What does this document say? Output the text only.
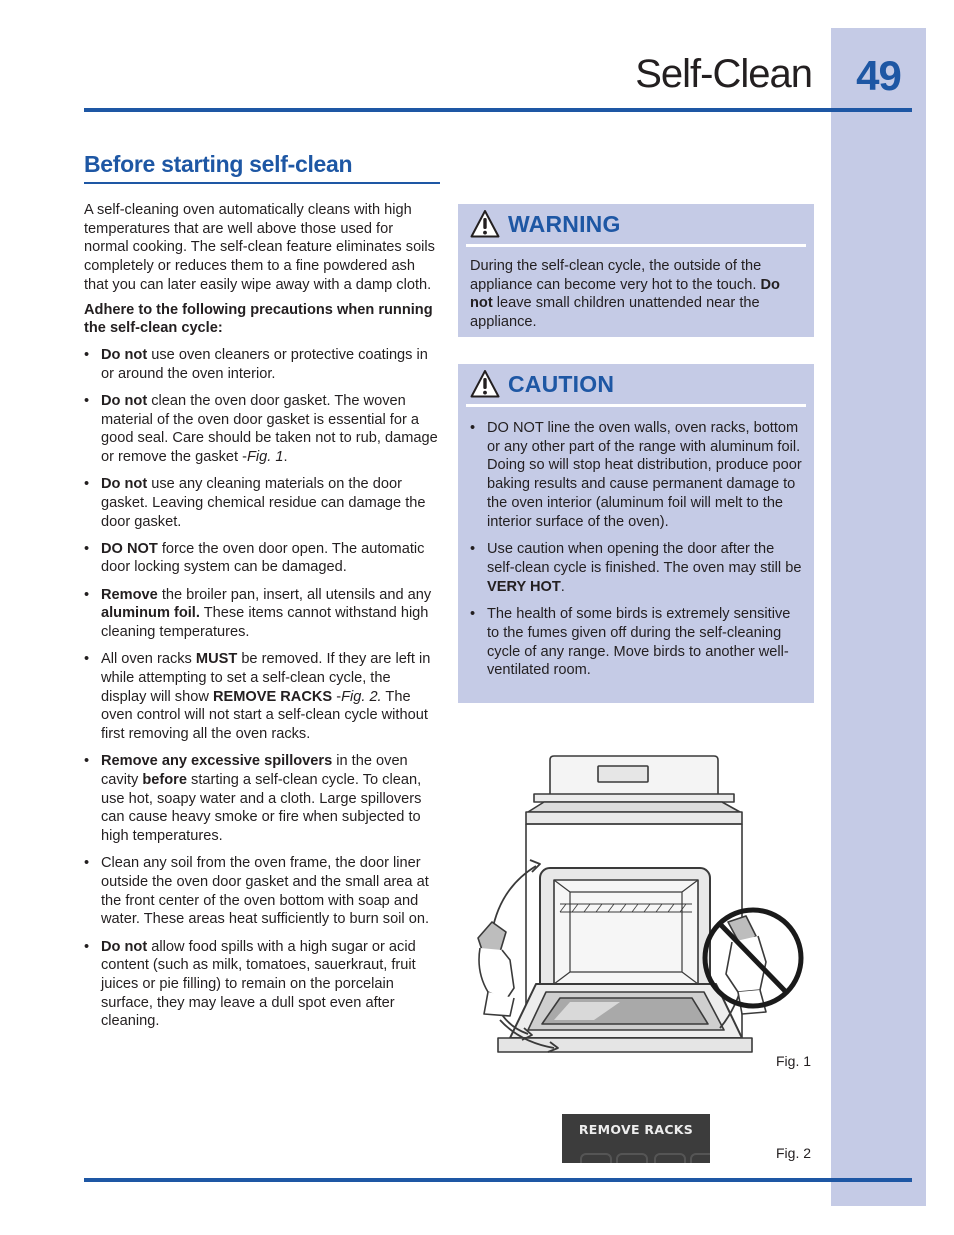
49
Self-Clean
Before starting self-clean

A self-cleaning oven automatically cleans with high temperatures that are well above those used for normal cooking. The self-clean feature eliminates soils completely or reduces them to a fine powdered ash that you can later easily wipe away with a damp cloth.

Adhere to the following precautions when running the self-clean cycle:

• Do not use oven cleaners or protective coatings in or around the oven interior.
• Do not clean the oven door gasket. The woven material of the oven door gasket is essential for a good seal. Care should be taken not to rub, damage or remove the gasket -Fig. 1.
• Do not use any cleaning materials on the door gasket. Leaving chemical residue can damage the door gasket.
• DO NOT force the oven door open. The automatic door locking system can be damaged.
• Remove the broiler pan, insert, all utensils and any aluminum foil. These items cannot withstand high cleaning temperatures.
• All oven racks MUST be removed. If they are left in while attempting to set a self-clean cycle, the display will show REMOVE RACKS -Fig. 2. The oven control will not start a self-clean cycle without first removing all the oven racks.
• Remove any excessive spillovers in the oven cavity before starting a self-clean cycle. To clean, use hot, soapy water and a cloth. Large spillovers can cause heavy smoke or fire when subjected to high temperatures.
• Clean any soil from the oven frame, the door liner outside the oven door gasket and the small area at the front center of the oven bottom with soap and water. These areas heat sufficiently to burn soil on.
• Do not allow food spills with a high sugar or acid content (such as milk, tomatoes, sauerkraut, fruit juices or pie filling) to remain on the porcelain surface, they may leave a dull spot even after cleaning.
WARNING
During the self-clean cycle, the outside of the appliance can become very hot to the touch. Do not leave small children unattended near the appliance.
CAUTION
• DO NOT line the oven walls, oven racks, bottom or any other part of the range with aluminum foil. Doing so will stop heat distribution, produce poor baking results and cause permanent damage to the oven interior (aluminum foil will melt to the interior surface of the oven).
• Use caution when opening the door after the self-clean cycle is finished. The oven may still be VERY HOT.
• The health of some birds is extremely sensitive to the fumes given off during the self-cleaning cycle of any range. Move birds to another well-ventilated room.
Fig. 1
REMOVE RACKS
Fig. 2
